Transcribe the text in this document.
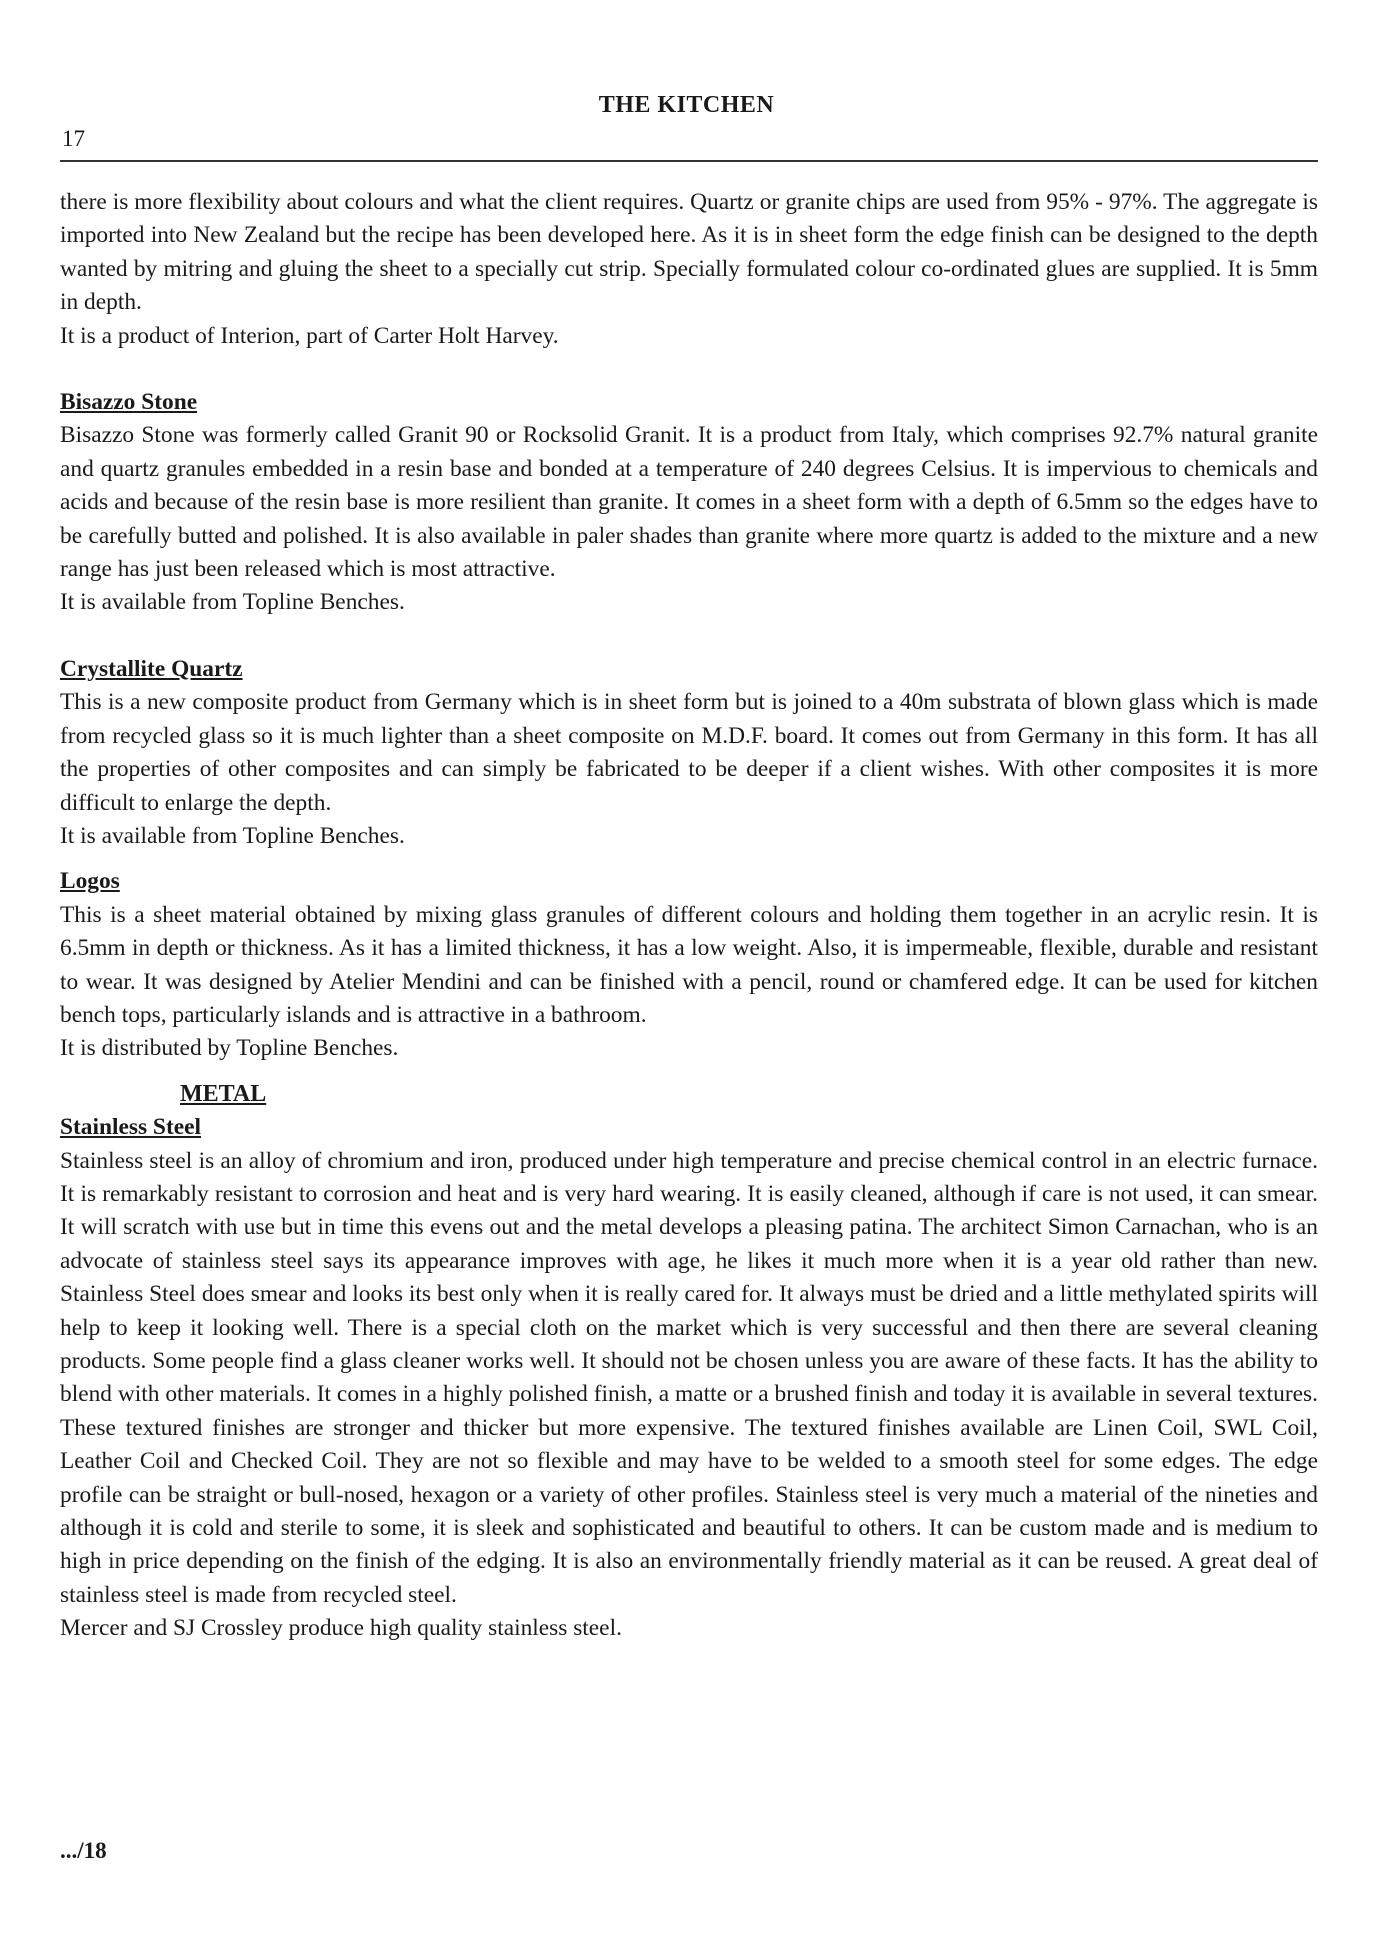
THE KITCHEN
17

there is more flexibility about colours and what the client requires. Quartz or granite chips are used from 95% - 97%. The aggregate is imported into New Zealand but the recipe has been developed here. As it is in sheet form the edge finish can be designed to the depth wanted by mitring and gluing the sheet to a specially cut strip. Specially formulated colour co-ordinated glues are supplied. It is 5mm in depth.

It is a product of Interion, part of Carter Holt Harvey.

Bisazzo Stone

Bisazzo Stone was formerly called Granit 90 or Rocksolid Granit. It is a product from Italy, which comprises 92.7% natural granite and quartz granules embedded in a resin base and bonded at a temperature of 240 degrees Celsius. It is impervious to chemicals and acids and because of the resin base is more resilient than granite. It comes in a sheet form with a depth of 6.5mm so the edges have to be carefully butted and polished. It is also available in paler shades than granite where more quartz is added to the mixture and a new range has just been released which is most attractive.

It is available from Topline Benches.

Crystallite Quartz

This is a new composite product from Germany which is in sheet form but is joined to a 40m substrata of blown glass which is made from recycled glass so it is much lighter than a sheet composite on M.D.F. board. It comes out from Germany in this form. It has all the properties of other composites and can simply be fabricated to be deeper if a client wishes. With other composites it is more difficult to enlarge the depth.

It is available from Topline Benches.

Logos

This is a sheet material obtained by mixing glass granules of different colours and holding them together in an acrylic resin. It is 6.5mm in depth or thickness. As it has a limited thickness, it has a low weight. Also, it is impermeable, flexible, durable and resistant to wear. It was designed by Atelier Mendini and can be finished with a pencil, round or chamfered edge. It can be used for kitchen bench tops, particularly islands and is attractive in a bathroom.

It is distributed by Topline Benches.

METAL

Stainless Steel

Stainless steel is an alloy of chromium and iron, produced under high temperature and precise chemical control in an electric furnace. It is remarkably resistant to corrosion and heat and is very hard wearing. It is easily cleaned, although if care is not used, it can smear. It will scratch with use but in time this evens out and the metal develops a pleasing patina. The architect Simon Carnachan, who is an advocate of stainless steel says its appearance improves with age, he likes it much more when it is a year old rather than new. Stainless Steel does smear and looks its best only when it is really cared for. It always must be dried and a little methylated spirits will help to keep it looking well. There is a special cloth on the market which is very successful and then there are several cleaning products. Some people find a glass cleaner works well. It should not be chosen unless you are aware of these facts. It has the ability to blend with other materials. It comes in a highly polished finish, a matte or a brushed finish and today it is available in several textures. These textured finishes are stronger and thicker but more expensive. The textured finishes available are Linen Coil, SWL Coil, Leather Coil and Checked Coil. They are not so flexible and may have to be welded to a smooth steel for some edges. The edge profile can be straight or bull-nosed, hexagon or a variety of other profiles. Stainless steel is very much a material of the nineties and although it is cold and sterile to some, it is sleek and sophisticated and beautiful to others. It can be custom made and is medium to high in price depending on the finish of the edging. It is also an environmentally friendly material as it can be reused. A great deal of stainless steel is made from recycled steel.

Mercer and SJ Crossley produce high quality stainless steel.

.../18
